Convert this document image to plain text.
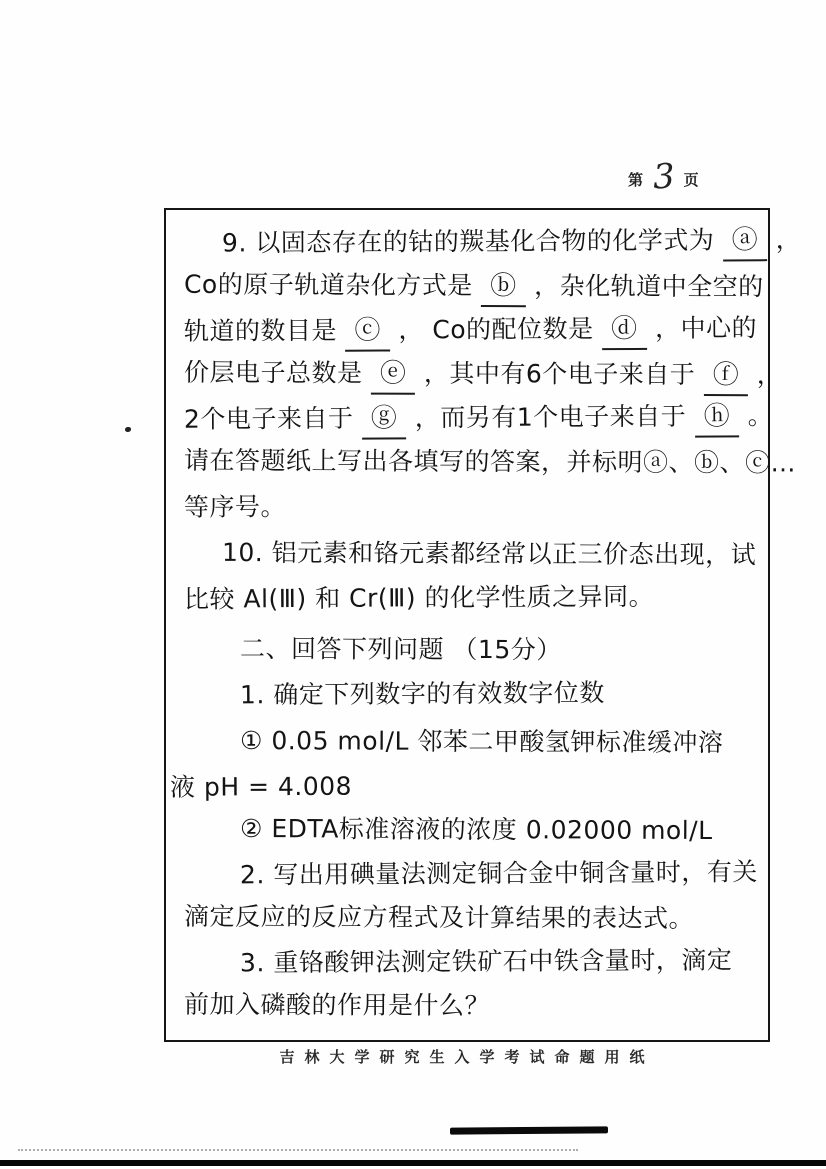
第 3 页
9. 以固态存在的钴的羰基化合物的化学式为 ⓐ ，
Co的原子轨道杂化方式是 ⓑ ，杂化轨道中全空的
轨道的数目是 ⓒ ， Co的配位数是 ⓓ ，中心的
价层电子总数是 ⓔ ，其中有6个电子来自于 ⓕ ，
2个电子来自于 ⓖ ，而另有1个电子来自于 ⓗ 。
请在答题纸上写出各填写的答案，并标明ⓐ、ⓑ、ⓒ…
等序号。
10. 铝元素和铬元素都经常以正三价态出现，试
比较 Al(Ⅲ) 和 Cr(Ⅲ) 的化学性质之异同。
二、回答下列问题 （15分）
1. 确定下列数字的有效数字位数
① 0.05 mol/L 邻苯二甲酸氢钾标准缓冲溶
液 pH = 4.008
② EDTA标准溶液的浓度 0.02000 mol/L
2. 写出用碘量法测定铜合金中铜含量时，有关
滴定反应的反应方程式及计算结果的表达式。
3. 重铬酸钾法测定铁矿石中铁含量时，滴定
前加入磷酸的作用是什么？
吉林大学研究生入学考试命题用纸
